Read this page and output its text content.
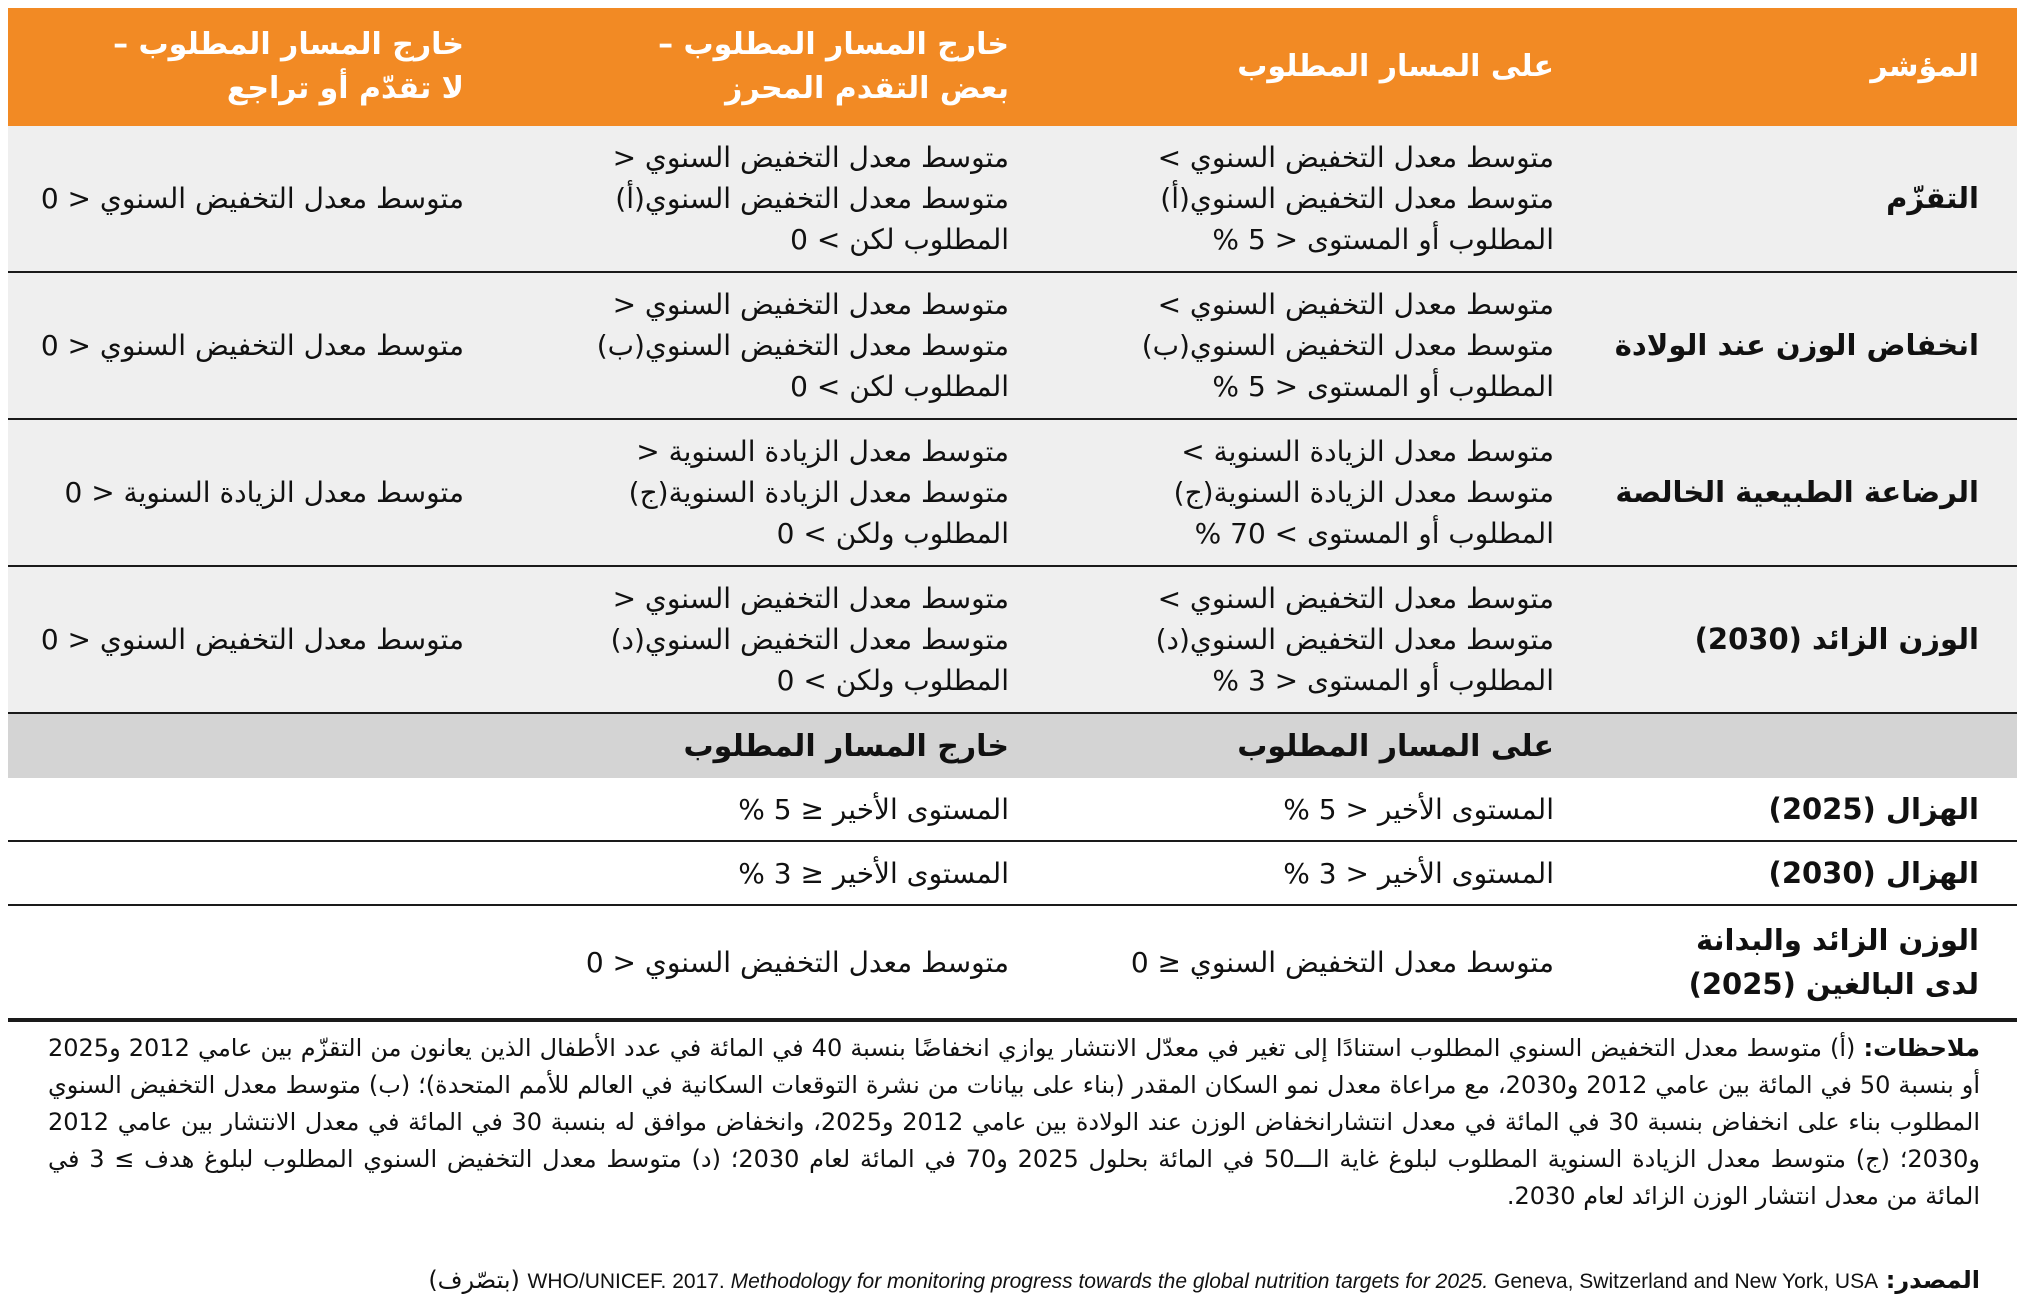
المؤشر
على المسار المطلوب
خارج المسار المطلوب –
بعض التقدم المحرز
خارج المسار المطلوب –
لا تقدّم أو تراجع
التقزّم
متوسط معدل التخفيض السنوي >
متوسط معدل التخفيض السنوي(أ)
المطلوب أو المستوى < 5 %
متوسط معدل التخفيض السنوي <
متوسط معدل التخفيض السنوي(أ)
المطلوب لكن > 0
متوسط معدل التخفيض السنوي < 0
انخفاض الوزن عند الولادة
متوسط معدل التخفيض السنوي >
متوسط معدل التخفيض السنوي(ب)
المطلوب أو المستوى < 5 %
متوسط معدل التخفيض السنوي <
متوسط معدل التخفيض السنوي(ب)
المطلوب لكن > 0
متوسط معدل التخفيض السنوي < 0
الرضاعة الطبيعية الخالصة
متوسط معدل الزيادة السنوية >
متوسط معدل الزيادة السنوية(ج)
المطلوب أو المستوى > 70 %
متوسط معدل الزيادة السنوية <
متوسط معدل الزيادة السنوية(ج)
المطلوب ولكن > 0
متوسط معدل الزيادة السنوية < 0
الوزن الزائد (2030)
متوسط معدل التخفيض السنوي >
متوسط معدل التخفيض السنوي(د)
المطلوب أو المستوى < 3 %
متوسط معدل التخفيض السنوي <
متوسط معدل التخفيض السنوي(د)
المطلوب ولكن > 0
متوسط معدل التخفيض السنوي < 0
على المسار المطلوب
خارج المسار المطلوب
الهزال (2025)
المستوى الأخير < 5 %
المستوى الأخير ≤ 5 %
الهزال (2030)
المستوى الأخير < 3 %
المستوى الأخير ≤ 3 %
الوزن الزائد والبدانة
لدى البالغين (2025)
متوسط معدل التخفيض السنوي ≤ 0
متوسط معدل التخفيض السنوي < 0
ملاحظات: (أ) متوسط معدل التخفيض السنوي المطلوب استنادًا إلى تغير في معدّل الانتشار يوازي انخفاضًا بنسبة 40 في المائة في عدد الأطفال الذين يعانون من التقزّم بين عامي 2012 و2025 أو بنسبة 50 في المائة بين عامي 2012 و2030، مع مراعاة معدل نمو السكان المقدر (بناء على بيانات من نشرة التوقعات السكانية في العالم للأمم المتحدة)؛ (ب) متوسط معدل التخفيض السنوي المطلوب بناء على انخفاض بنسبة 30 في المائة في معدل انتشارانخفاض الوزن عند الولادة بين عامي 2012 و2025، وانخفاض موافق له بنسبة 30 في المائة في معدل الانتشار بين عامي 2012 و2030؛ (ج) متوسط معدل الزيادة السنوية المطلوب لبلوغ غاية الـــ50 في المائة بحلول 2025 و70 في المائة لعام 2030؛ (د) متوسط معدل التخفيض السنوي المطلوب لبلوغ هدف ≥ 3 في المائة من معدل انتشار الوزن الزائد لعام 2030.
المصدر: WHO/UNICEF. 2017. Methodology for monitoring progress towards the global nutrition targets for 2025. Geneva, Switzerland and New York, USA (بتصّرف)
